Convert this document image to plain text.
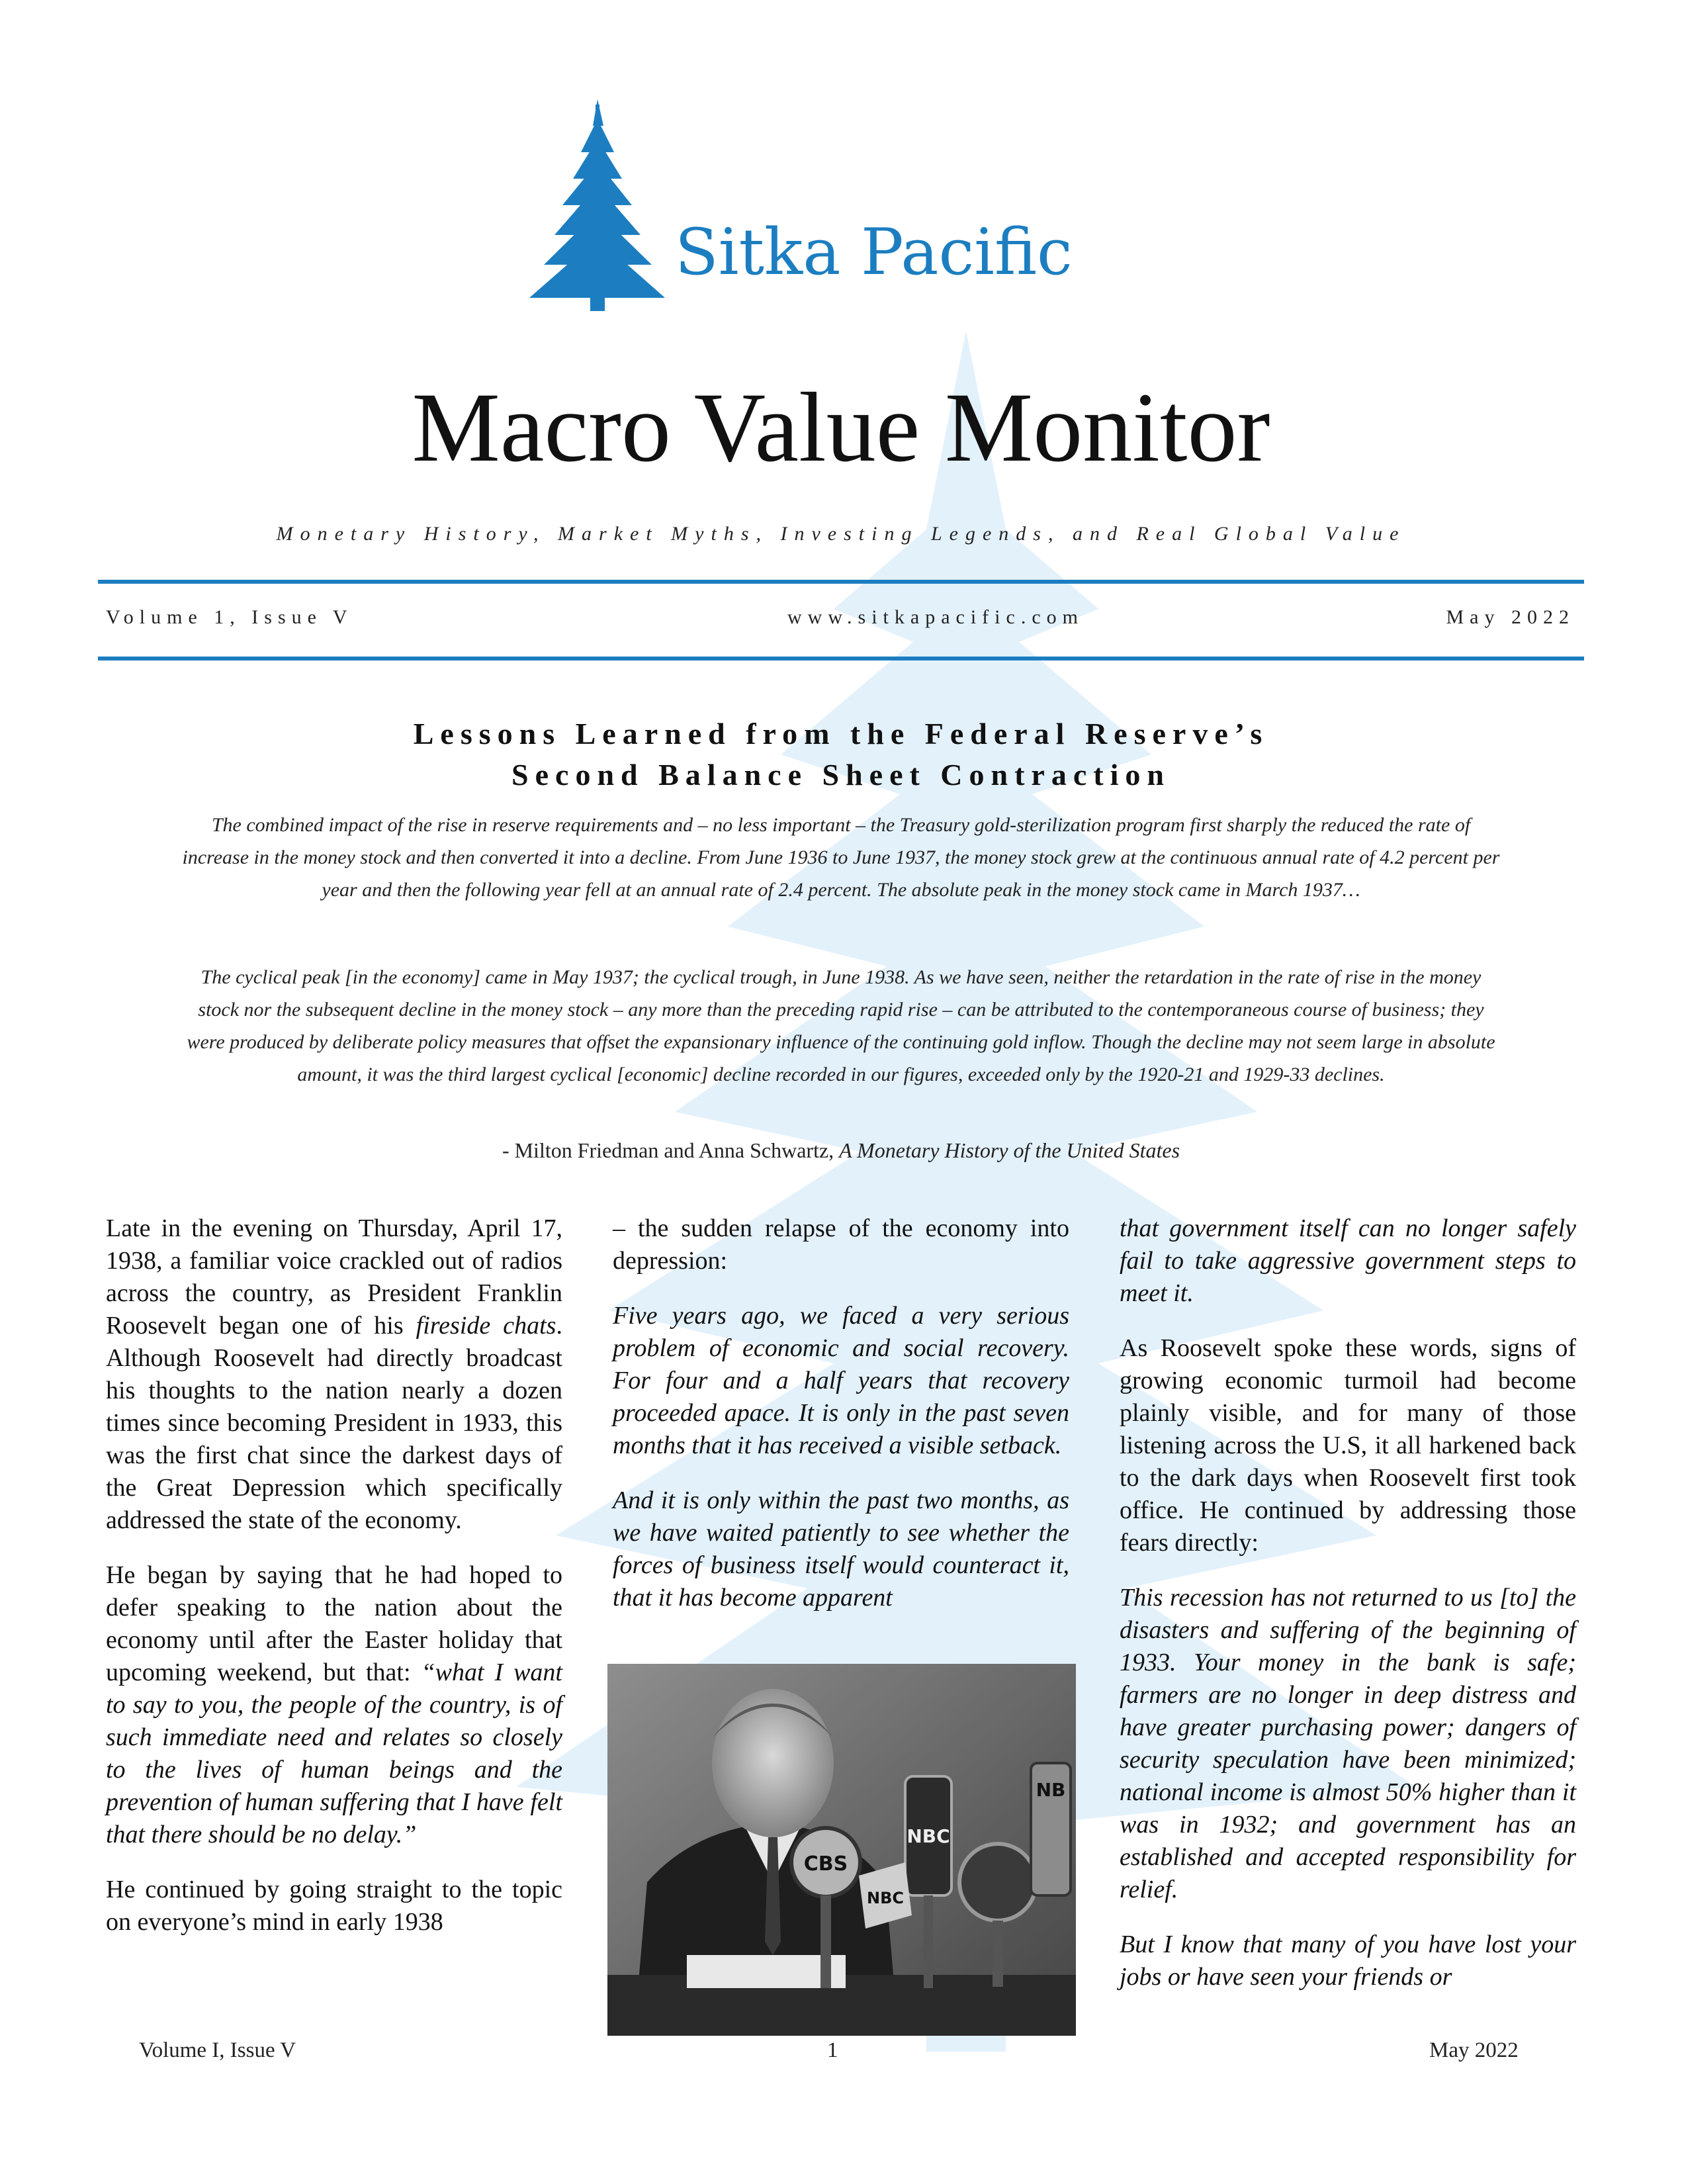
Sitka Pacific
Macro Value Monitor
Monetary History, Market Myths, Investing Legends, and Real Global Value
Volume 1, Issue V	www.sitkapacific.com	May 2022
Lessons Learned from the Federal Reserve’s
Second Balance Sheet Contraction
The combined impact of the rise in reserve requirements and – no less important – the Treasury gold-sterilization program first sharply the reduced the rate of increase in the money stock and then converted it into a decline. From June 1936 to June 1937, the money stock grew at the continuous annual rate of 4.2 percent per year and then the following year fell at an annual rate of 2.4 percent. The absolute peak in the money stock came in March 1937…
The cyclical peak [in the economy] came in May 1937; the cyclical trough, in June 1938. As we have seen, neither the retardation in the rate of rise in the money stock nor the subsequent decline in the money stock – any more than the preceding rapid rise – can be attributed to the contemporaneous course of business; they were produced by deliberate policy measures that offset the expansionary influence of the continuing gold inflow. Though the decline may not seem large in absolute amount, it was the third largest cyclical [economic] decline recorded in our figures, exceeded only by the 1920-21 and 1929-33 declines.
- Milton Friedman and Anna Schwartz, A Monetary History of the United States

Late in the evening on Thursday, April 17, 1938, a familiar voice crackled out of radios across the country, as President Franklin Roosevelt began one of his fireside chats. Although Roosevelt had directly broadcast his thoughts to the nation nearly a dozen times since becoming President in 1933, this was the first chat since the darkest days of the Great Depression which specifically addressed the state of the economy.

He began by saying that he had hoped to defer speaking to the nation about the economy until after the Easter holiday that upcoming weekend, but that: “what I want to say to you, the people of the country, is of such immediate need and relates so closely to the lives of human beings and the prevention of human suffering that I have felt that there should be no delay.”

He continued by going straight to the topic on everyone’s mind in early 1938

– the sudden relapse of the economy into depression:

Five years ago, we faced a very serious problem of economic and social recovery. For four and a half years that recovery proceeded apace. It is only in the past seven months that it has received a visible setback.

And it is only within the past two months, as we have waited patiently to see whether the forces of business itself would counteract it, that it has become apparent

CBS
NBC
NB
NBC

that government itself can no longer safely fail to take aggressive government steps to meet it.

As Roosevelt spoke these words, signs of growing economic turmoil had become plainly visible, and for many of those listening across the U.S, it all harkened back to the dark days when Roosevelt first took office. He continued by addressing those fears directly:

This recession has not returned to us [to] the disasters and suffering of the beginning of 1933. Your money in the bank is safe; farmers are no longer in deep distress and have greater purchasing power; dangers of security speculation have been minimized; national income is almost 50% higher than it was in 1932; and government has an established and accepted responsibility for relief.

But I know that many of you have lost your jobs or have seen your friends or

Volume I, Issue V	1	May 2022
